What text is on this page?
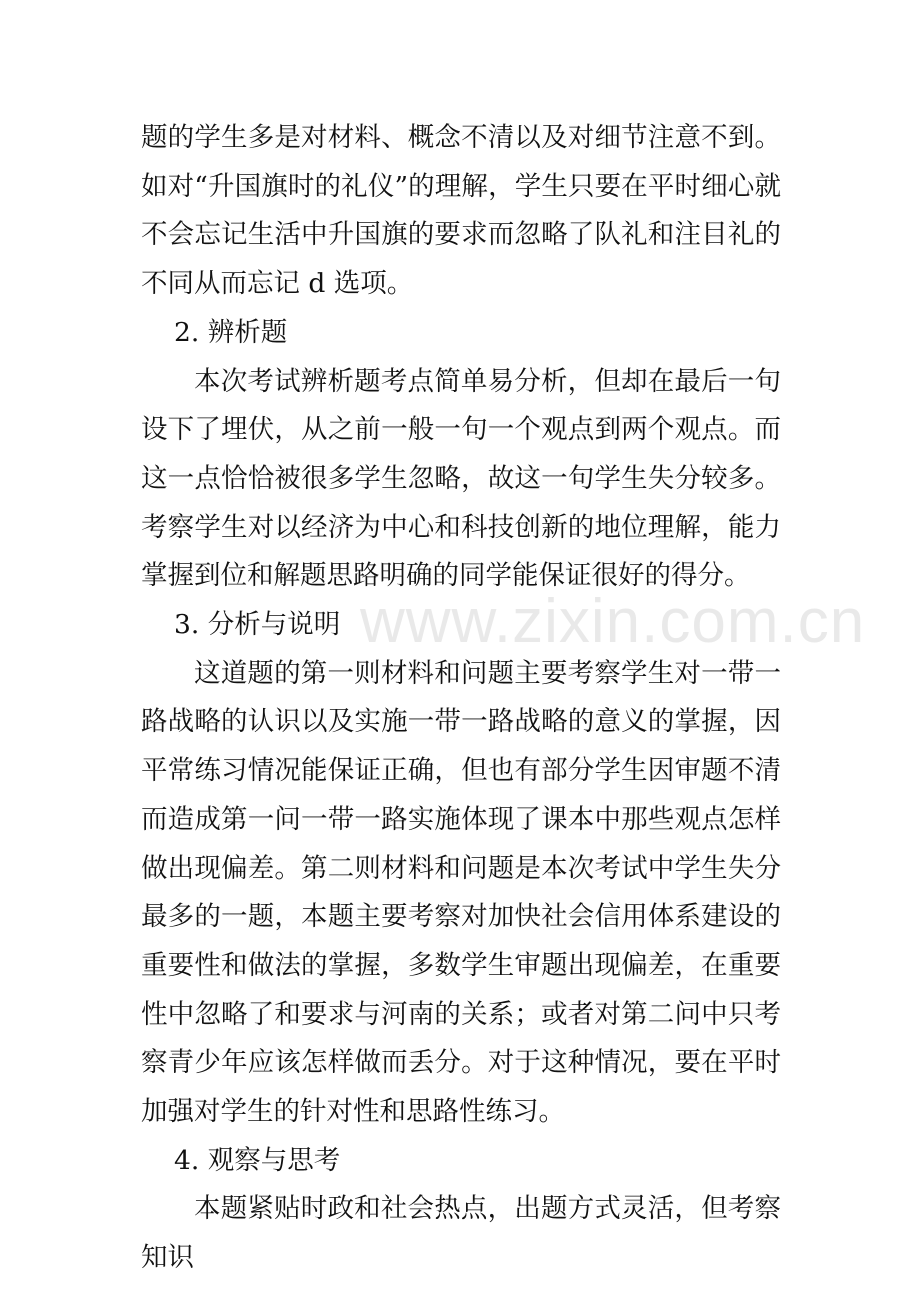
题的学生多是对材料、概念不清以及对细节注意不到。如对“升国旗时的礼仪”的理解，学生只要在平时细心就不会忘记生活中升国旗的要求而忽略了队礼和注目礼的不同从而忘记 d 选项。

2. 辨析题

本次考试辨析题考点简单易分析，但却在最后一句设下了埋伏，从之前一般一句一个观点到两个观点。而这一点恰恰被很多学生忽略，故这一句学生失分较多。考察学生对以经济为中心和科技创新的地位理解，能力掌握到位和解题思路明确的同学能保证很好的得分。

3. 分析与说明

这道题的第一则材料和问题主要考察学生对一带一路战略的认识以及实施一带一路战略的意义的掌握，因平常练习情况能保证正确，但也有部分学生因审题不清而造成第一问一带一路实施体现了课本中那些观点怎样做出现偏差。第二则材料和问题是本次考试中学生失分最多的一题，本题主要考察对加快社会信用体系建设的重要性和做法的掌握，多数学生审题出现偏差，在重要性中忽略了和要求与河南的关系；或者对第二问中只考察青少年应该怎样做而丢分。对于这种情况，要在平时加强对学生的针对性和思路性练习。

4. 观察与思考

本题紧贴时政和社会热点，出题方式灵活，但考察知识

www.zixin.com.cn
